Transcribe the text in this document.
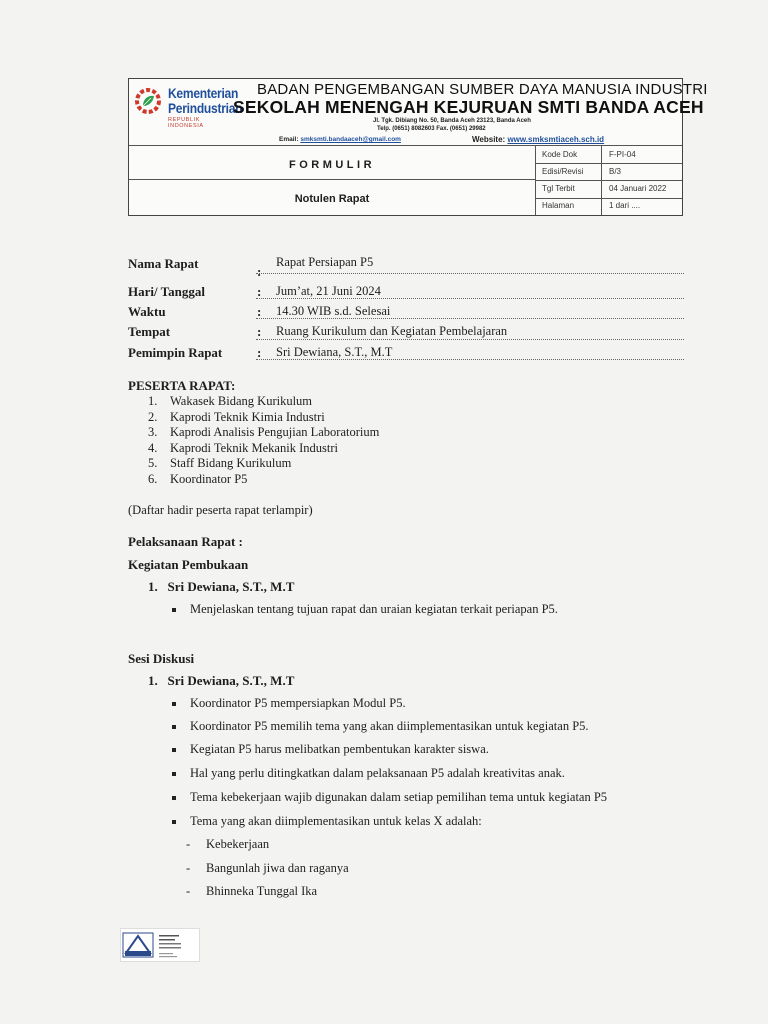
Kementerian
Perindustrian
REPUBLIK INDONESIA
BADAN PENGEMBANGAN SUMBER DAYA MANUSIA INDUSTRI
SEKOLAH MENENGAH KEJURUAN SMTI BANDA ACEH
Jl. Tgk. Dibiang No. 50, Banda Aceh 23123, Banda Aceh
Telp. (0651) 8082603 Fax. (0651) 29982
Email: smksmti.bandaaceh@gmail.com	Website: www.smksmtiaceh.sch.id
FORMULIR
Notulen Rapat
Kode Dok	F-PI-04
Edisi/Revisi	B/3
Tgl Terbit	04 Januari 2022
Halaman	1 dari ....
Nama Rapat
:
Rapat Persiapan P5
Hari/ Tanggal	: Jum’at, 21 Juni 2024
Waktu	: 14.30 WIB s.d. Selesai
Tempat	: Ruang Kurikulum dan Kegiatan Pembelajaran
Pemimpin Rapat	: Sri Dewiana, S.T., M.T
PESERTA RAPAT:
1. Wakasek Bidang Kurikulum
2. Kaprodi Teknik Kimia Industri
3. Kaprodi Analisis Pengujian Laboratorium
4. Kaprodi Teknik Mekanik Industri
5. Staff Bidang Kurikulum
6. Koordinator P5
(Daftar hadir peserta rapat terlampir)
Pelaksanaan Rapat :
Kegiatan Pembukaan
1.   Sri Dewiana, S.T., M.T
Menjelaskan tentang tujuan rapat dan uraian kegiatan terkait periapan P5.
Sesi Diskusi
1.   Sri Dewiana, S.T., M.T
Koordinator P5 mempersiapkan Modul P5.
Koordinator P5 memilih tema yang akan diimplementasikan untuk kegiatan P5.
Kegiatan P5 harus melibatkan pembentukan karakter siswa.
Hal yang perlu ditingkatkan dalam pelaksanaan P5 adalah kreativitas anak.
Tema kebekerjaan wajib digunakan dalam setiap pemilihan tema untuk kegiatan P5
Tema yang akan diimplementasikan untuk kelas X adalah:
- Kebekerjaan
- Bangunlah jiwa dan raganya
- Bhinneka Tunggal Ika
